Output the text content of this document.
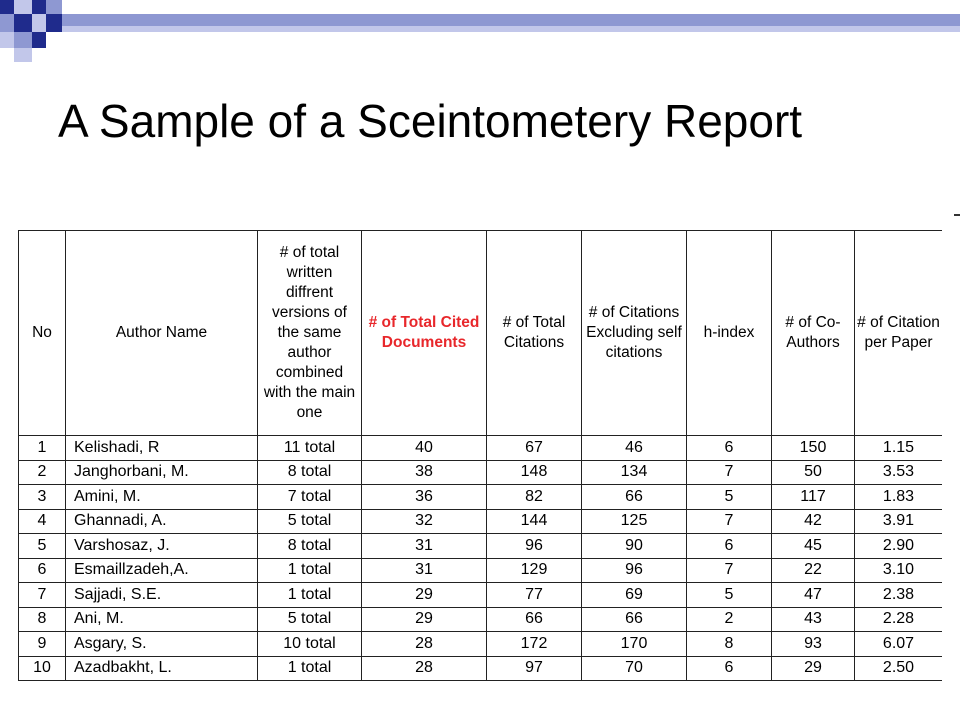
A Sample of a Sceintometery Report
No	Author Name	# of total written diffrent versions of the same author combined with the main one	# of Total Cited Documents	# of Total Citations	# of Citations Excluding self citations	h-index	# of Co-Authors	# of Citation per Paper
1	Kelishadi, R	11 total	40	67	46	6	150	1.15
2	Janghorbani, M.	8 total	38	148	134	7	50	3.53
3	Amini, M.	7 total	36	82	66	5	117	1.83
4	Ghannadi, A.	5 total	32	144	125	7	42	3.91
5	Varshosaz, J.	8 total	31	96	90	6	45	2.90
6	Esmaillzadeh,A.	1 total	31	129	96	7	22	3.10
7	Sajjadi, S.E.	1 total	29	77	69	5	47	2.38
8	Ani, M.	5 total	29	66	66	2	43	2.28
9	Asgary, S.	10 total	28	172	170	8	93	6.07
10	Azadbakht, L.	1 total	28	97	70	6	29	2.50
